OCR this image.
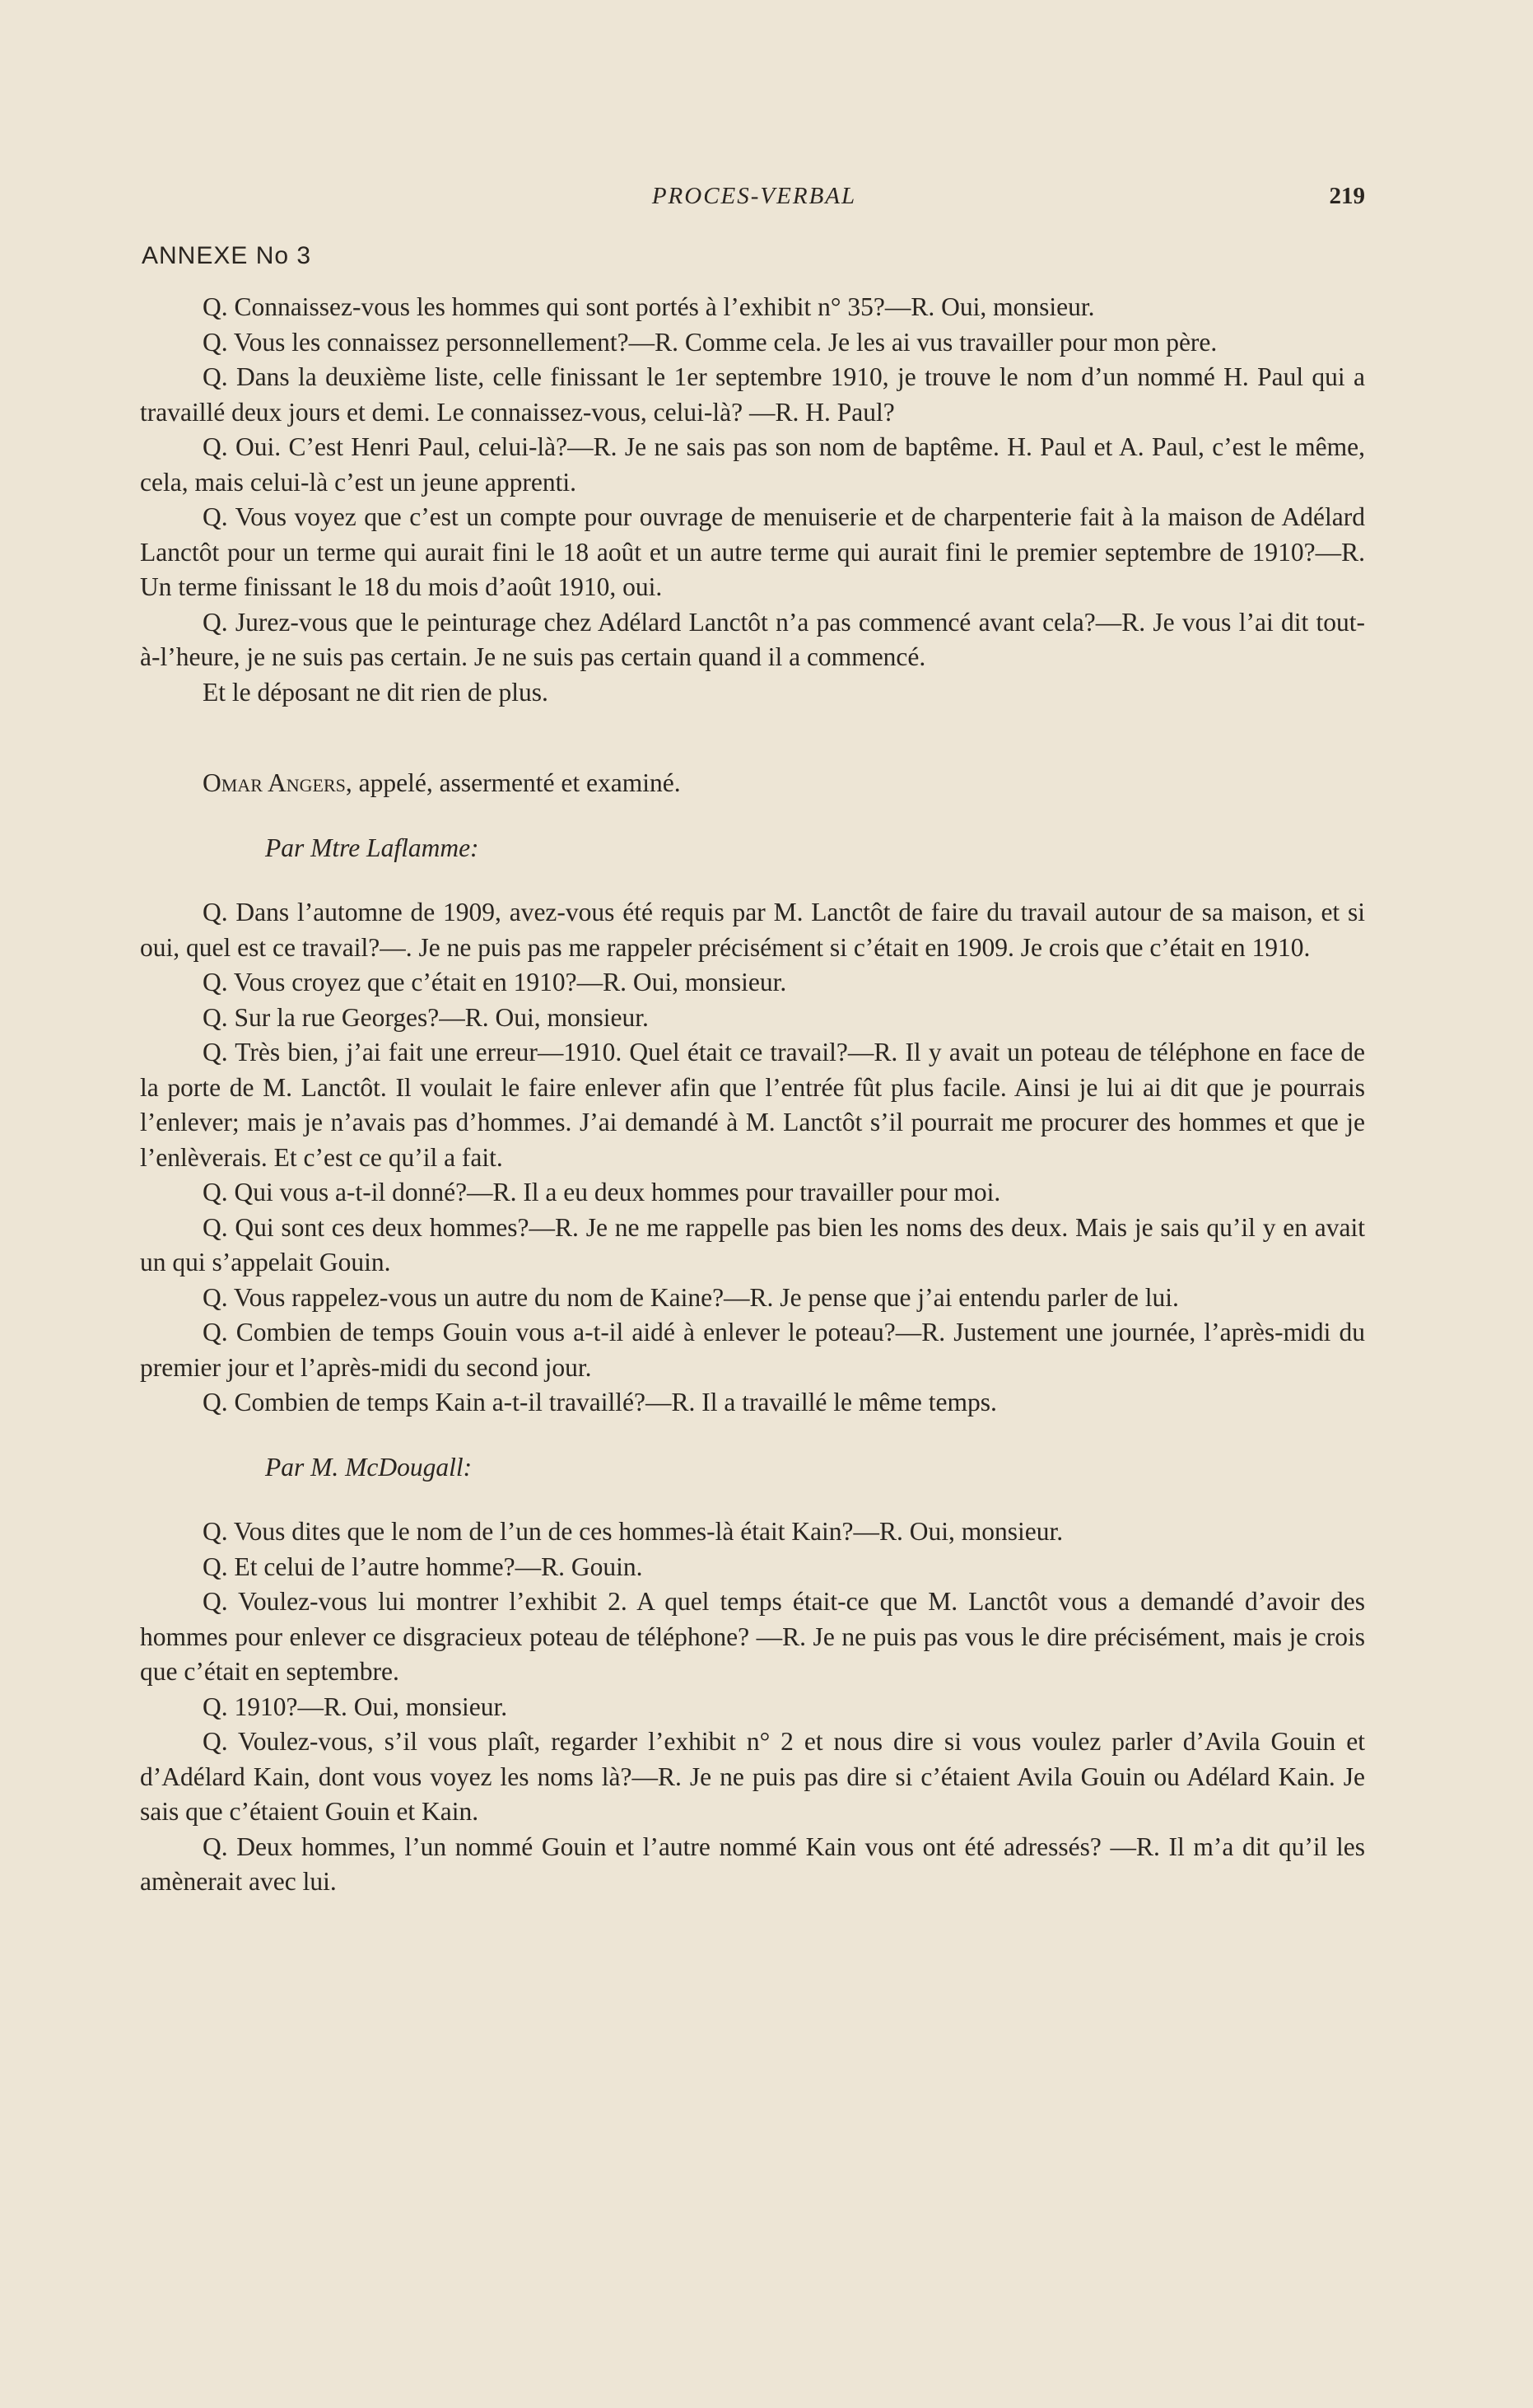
PROCES-VERBAL	219
ANNEXE No 3

Q. Connaissez-vous les hommes qui sont portés à l’exhibit n° 35?—R. Oui, monsieur.

Q. Vous les connaissez personnellement?—R. Comme cela. Je les ai vus travailler pour mon père.

Q. Dans la deuxième liste, celle finissant le 1er septembre 1910, je trouve le nom d’un nommé H. Paul qui a travaillé deux jours et demi. Le connaissez-vous, celui-là? —R. H. Paul?

Q. Oui. C’est Henri Paul, celui-là?—R. Je ne sais pas son nom de baptême. H. Paul et A. Paul, c’est le même, cela, mais celui-là c’est un jeune apprenti.

Q. Vous voyez que c’est un compte pour ouvrage de menuiserie et de charpenterie fait à la maison de Adélard Lanctôt pour un terme qui aurait fini le 18 août et un autre terme qui aurait fini le premier septembre de 1910?—R. Un terme finissant le 18 du mois d’août 1910, oui.

Q. Jurez-vous que le peinturage chez Adélard Lanctôt n’a pas commencé avant cela?—R. Je vous l’ai dit tout-à-l’heure, je ne suis pas certain. Je ne suis pas certain quand il a commencé.

Et le déposant ne dit rien de plus.

Omar Angers, appelé, assermenté et examiné.

Par Mtre Laflamme:

Q. Dans l’automne de 1909, avez-vous été requis par M. Lanctôt de faire du travail autour de sa maison, et si oui, quel est ce travail?—. Je ne puis pas me rappeler précisément si c’était en 1909. Je crois que c’était en 1910.

Q. Vous croyez que c’était en 1910?—R. Oui, monsieur.

Q. Sur la rue Georges?—R. Oui, monsieur.

Q. Très bien, j’ai fait une erreur—1910. Quel était ce travail?—R. Il y avait un poteau de téléphone en face de la porte de M. Lanctôt. Il voulait le faire enlever afin que l’entrée fût plus facile. Ainsi je lui ai dit que je pourrais l’enlever; mais je n’avais pas d’hommes. J’ai demandé à M. Lanctôt s’il pourrait me procurer des hommes et que je l’enlèverais. Et c’est ce qu’il a fait.

Q. Qui vous a-t-il donné?—R. Il a eu deux hommes pour travailler pour moi.

Q. Qui sont ces deux hommes?—R. Je ne me rappelle pas bien les noms des deux. Mais je sais qu’il y en avait un qui s’appelait Gouin.

Q. Vous rappelez-vous un autre du nom de Kaine?—R. Je pense que j’ai entendu parler de lui.

Q. Combien de temps Gouin vous a-t-il aidé à enlever le poteau?—R. Justement une journée, l’après-midi du premier jour et l’après-midi du second jour.

Q. Combien de temps Kain a-t-il travaillé?—R. Il a travaillé le même temps.

Par M. McDougall:

Q. Vous dites que le nom de l’un de ces hommes-là était Kain?—R. Oui, monsieur.

Q. Et celui de l’autre homme?—R. Gouin.

Q. Voulez-vous lui montrer l’exhibit 2. A quel temps était-ce que M. Lanctôt vous a demandé d’avoir des hommes pour enlever ce disgracieux poteau de téléphone? —R. Je ne puis pas vous le dire précisément, mais je crois que c’était en septembre.

Q. 1910?—R. Oui, monsieur.

Q. Voulez-vous, s’il vous plaît, regarder l’exhibit n° 2 et nous dire si vous voulez parler d’Avila Gouin et d’Adélard Kain, dont vous voyez les noms là?—R. Je ne puis pas dire si c’étaient Avila Gouin ou Adélard Kain. Je sais que c’étaient Gouin et Kain.

Q. Deux hommes, l’un nommé Gouin et l’autre nommé Kain vous ont été adressés? —R. Il m’a dit qu’il les amènerait avec lui.
